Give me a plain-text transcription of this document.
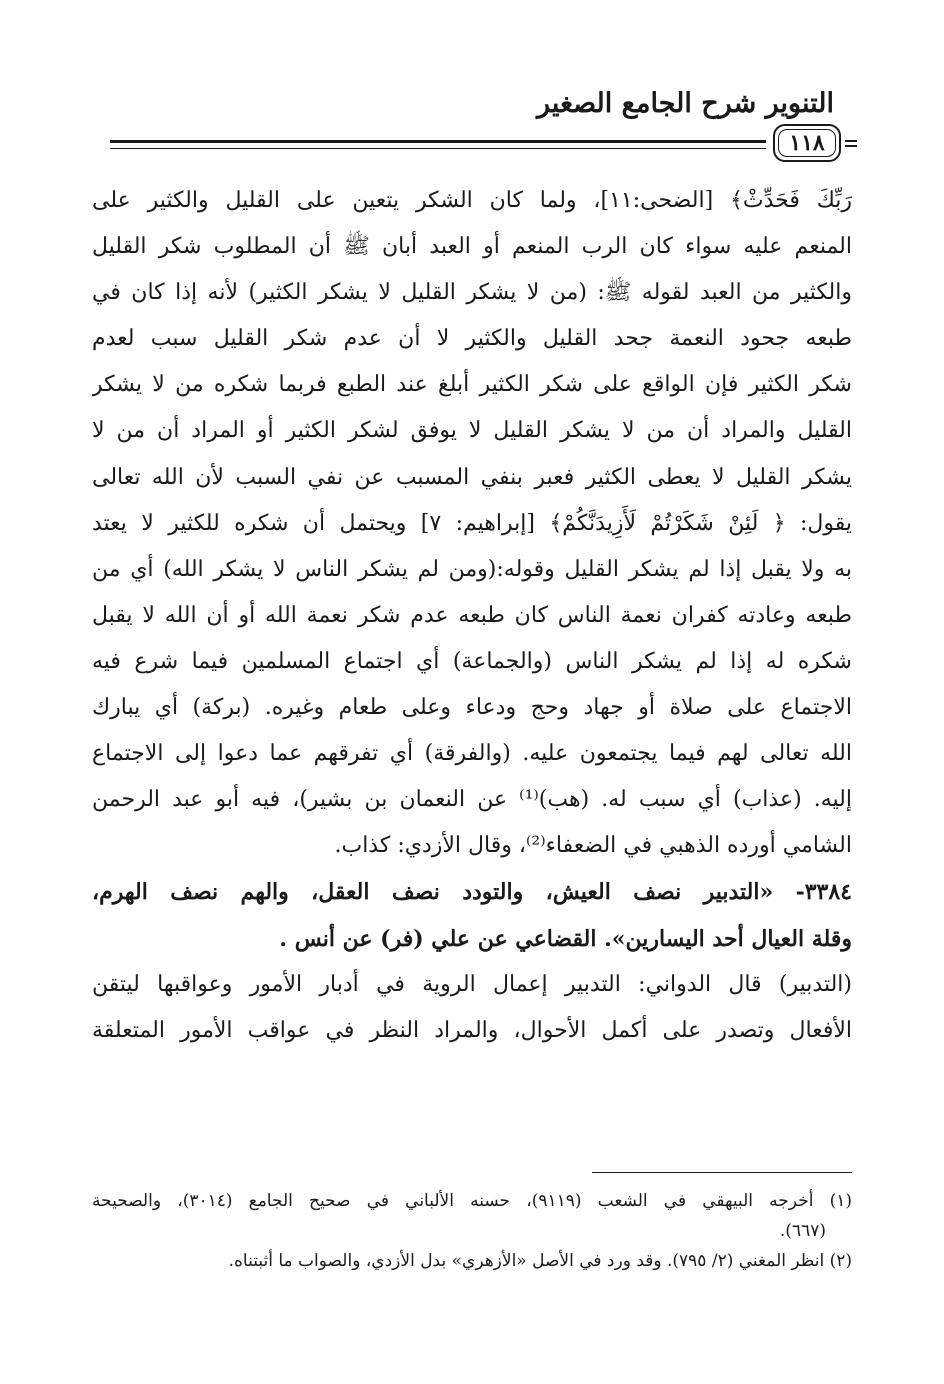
التنوير شرح الجامع الصغير
١١٨
رَبِّكَ فَحَدِّثْ﴾ [الضحى:١١]، ولما كان الشكر يتعين على القليل والكثير على
المنعم عليه سواء كان الرب المنعم أو العبد أبان ﷺ أن المطلوب شكر القليل
والكثير من العبد لقوله ﷺ: (من لا يشكر القليل لا يشكر الكثير) لأنه إذا كان في
طبعه جحود النعمة جحد القليل والكثير لا أن عدم شكر القليل سبب لعدم
شكر الكثير فإن الواقع على شكر الكثير أبلغ عند الطبع فربما شكره من لا يشكر
القليل والمراد أن من لا يشكر القليل لا يوفق لشكر الكثير أو المراد أن من لا
يشكر القليل لا يعطى الكثير فعبر بنفي المسبب عن نفي السبب لأن الله تعالى
يقول: ﴿ لَئِنْ شَكَرْتُمْ لَأَزِيدَنَّكُمْ﴾ [إبراهيم: ٧] ويحتمل أن شكره للكثير لا يعتد
به ولا يقبل إذا لم يشكر القليل وقوله:(ومن لم يشكر الناس لا يشكر الله) أي من
طبعه وعادته كفران نعمة الناس كان طبعه عدم شكر نعمة الله أو أن الله لا يقبل
شكره له إذا لم يشكر الناس (والجماعة) أي اجتماع المسلمين فيما شرع فيه
الاجتماع على صلاة أو جهاد وحج ودعاء وعلى طعام وغيره. (بركة) أي يبارك
الله تعالى لهم فيما يجتمعون عليه. (والفرقة) أي تفرقهم عما دعوا إلى الاجتماع
إليه. (عذاب) أي سبب له. (هب)⁽¹⁾ عن النعمان بن بشير)، فيه أبو عبد الرحمن
الشامي أورده الذهبي في الضعفاء⁽²⁾، وقال الأزدي: كذاب.
٣٣٨٤- «التدبير نصف العيش، والتودد نصف العقل، والهم نصف الهرم،
وقلة العيال أحد اليسارين». القضاعي عن علي (فر) عن أنس .
(التدبير) قال الدواني: التدبير إعمال الروية في أدبار الأمور وعواقبها ليتقن
الأفعال وتصدر على أكمل الأحوال، والمراد النظر في عواقب الأمور المتعلقة
(١) أخرجه البيهقي في الشعب (٩١١٩)، حسنه الألباني في صحيح الجامع (٣٠١٤)، والصحيحة
(٦٦٧).
(٢) انظر المغني (٢/ ٧٩٥). وقد ورد في الأصل «الأزهري» بدل الأزدي، والصواب ما أثبتناه.
